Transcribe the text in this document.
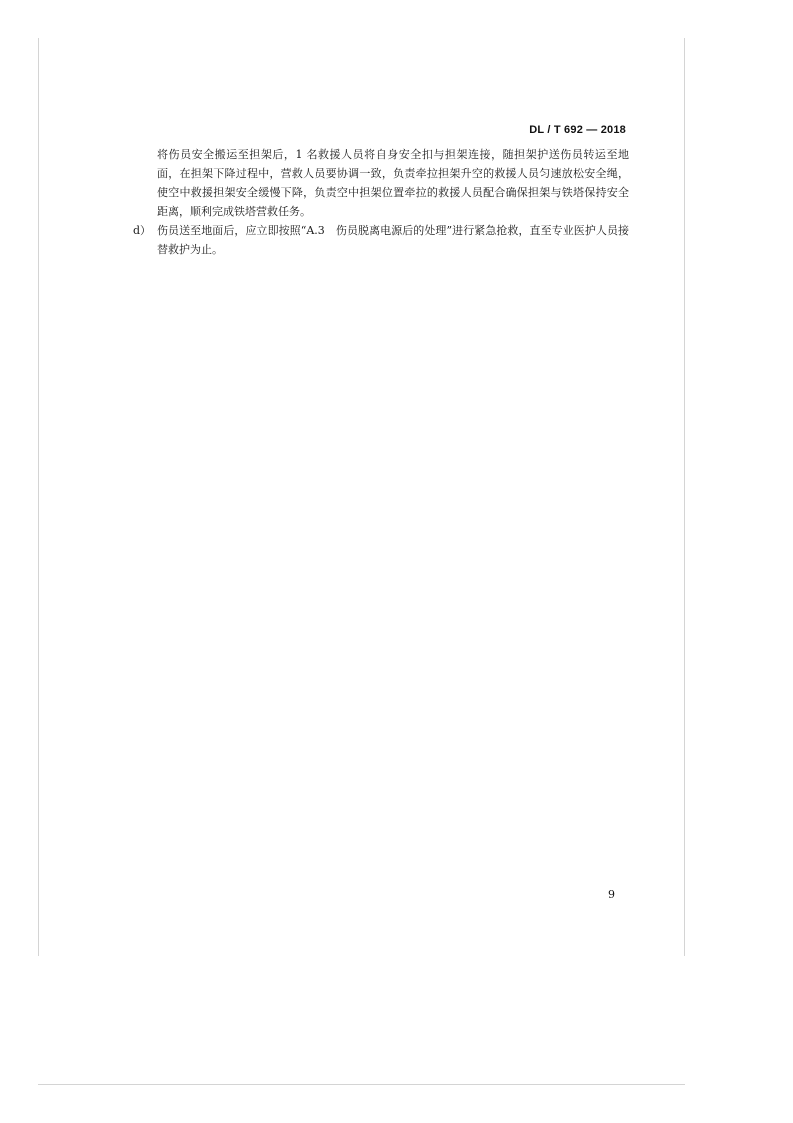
DL / T 692 — 2018

将伤员安全搬运至担架后，1 名救援人员将自身安全扣与担架连接，随担架护送伤员转运至地面，在担架下降过程中，营救人员要协调一致，负责牵拉担架升空的救援人员匀速放松安全绳，使空中救援担架安全缓慢下降，负责空中担架位置牵拉的救援人员配合确保担架与铁塔保持安全距离，顺利完成铁塔营救任务。

d） 伤员送至地面后，应立即按照“A.3　伤员脱离电源后的处理”进行紧急抢救，直至专业医护人员接替救护为止。
9
